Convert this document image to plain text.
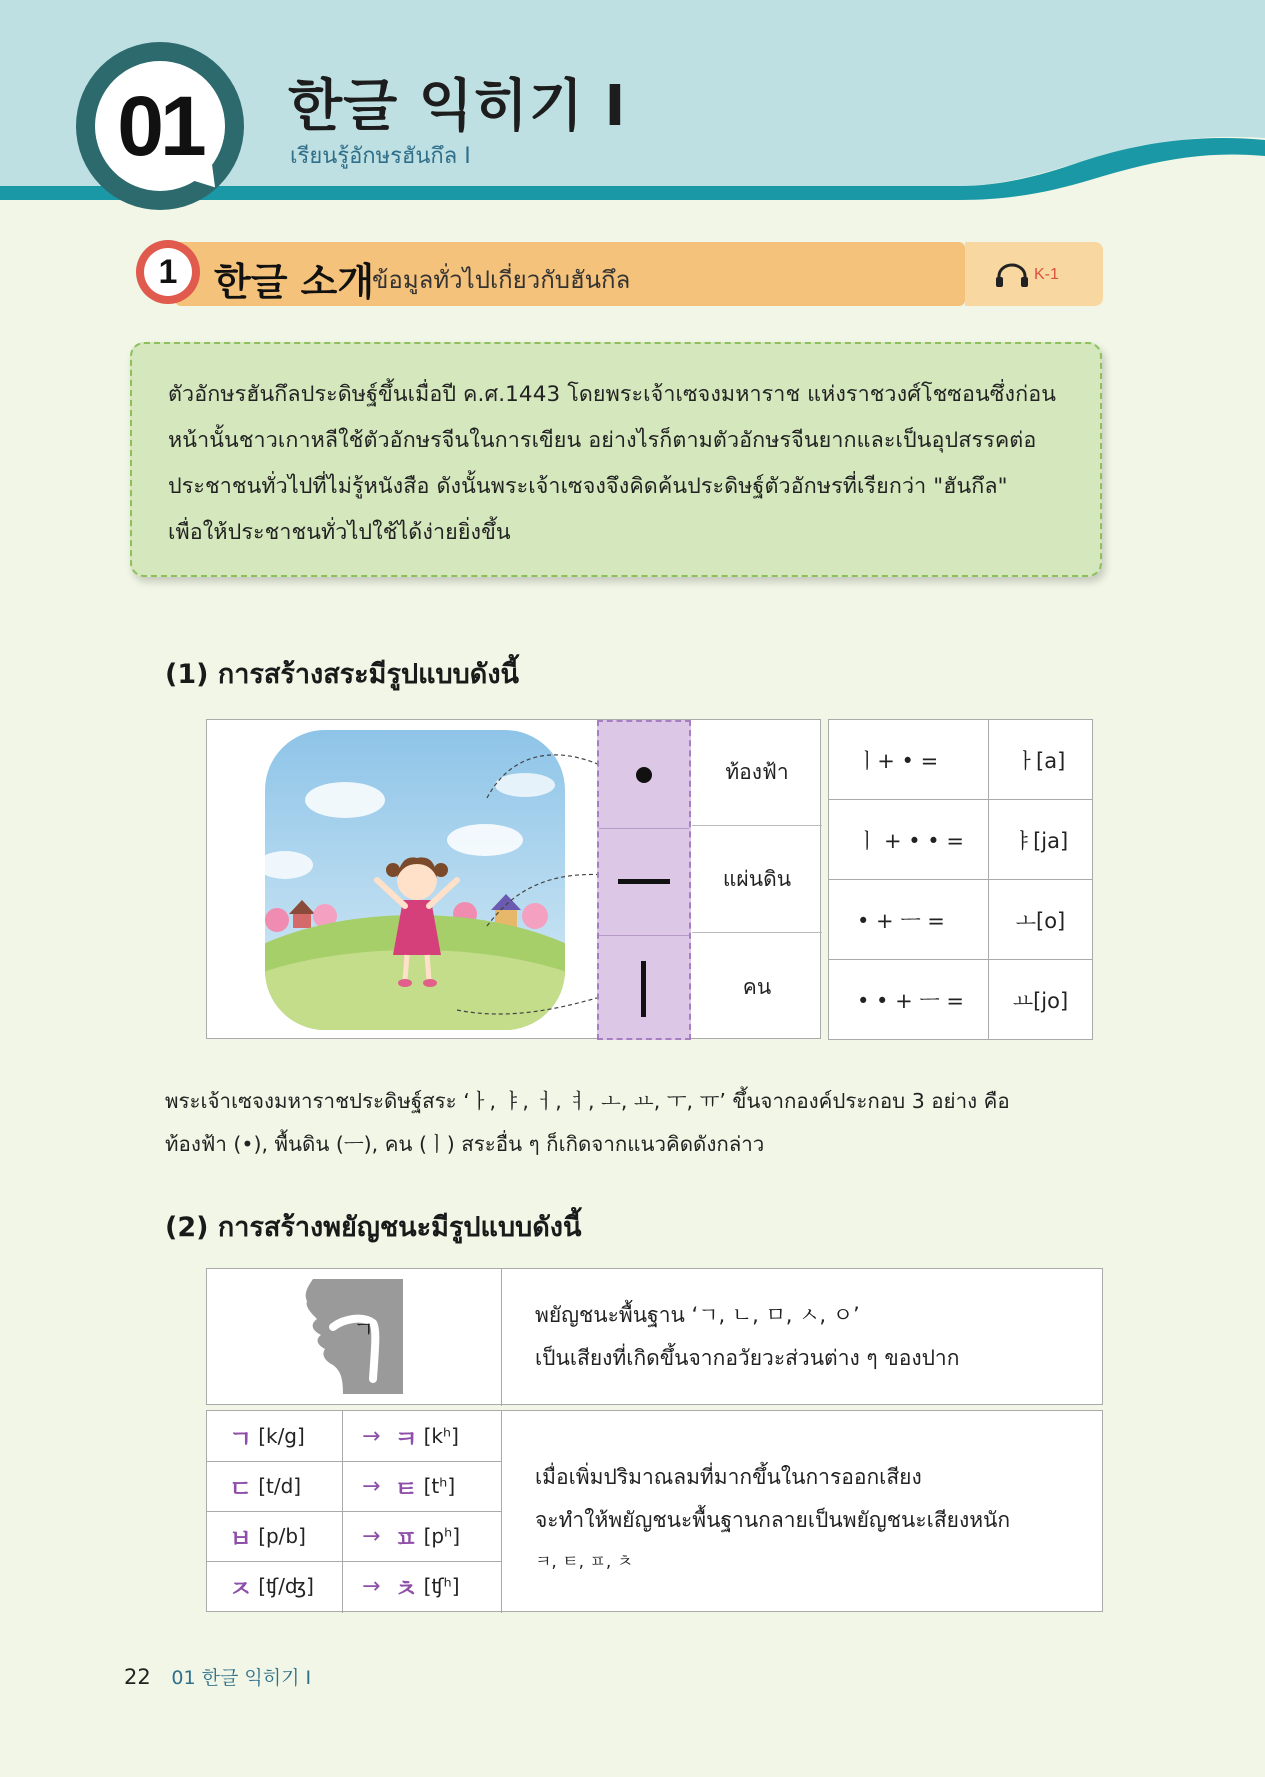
01	한글 익히기 I
เรียนรู้อักษรฮันกึล I
1 한글 소개
ข้อมูลทั่วไปเกี่ยวกับฮันกึล	K-1

ตัวอักษรฮันกึลประดิษฐ์ขึ้นเมื่อปี ค.ศ.1443 โดยพระเจ้าเซจงมหาราช แห่งราชวงศ์โชซอนซึ่งก่อน

หน้านั้นชาวเกาหลีใช้ตัวอักษรจีนในการเขียน อย่างไรก็ตามตัวอักษรจีนยากและเป็นอุปสรรคต่อ

ประชาชนทั่วไปที่ไม่รู้หนังสือ ดังนั้นพระเจ้าเซจงจึงคิดค้นประดิษฐ์ตัวอักษรที่เรียกว่า "ฮันกึล"

เพื่อให้ประชาชนทั่วไปใช้ได้ง่ายยิ่งขึ้น

(1) การสร้างสระมีรูปแบบดังนี้
ท้องฟ้า
แผ่นดิน
คน
ㅣ+ • =	ㅏ[a]
ㅣ + • • =	ㅑ[ja]
• + ㅡ =	ㅗ[o]
• • + ㅡ =	ㅛ[jo]
พระเจ้าเซจงมหาราชประดิษฐ์สระ ‘ㅏ, ㅑ, ㅓ, ㅕ, ㅗ, ㅛ, ㅜ, ㅠ’ ขึ้นจากองค์ประกอบ 3 อย่าง คือ
ท้องฟ้า (•), พื้นดิน (ㅡ), คน (ㅣ) สระอื่น ๆ ก็เกิดจากแนวคิดดังกล่าว
(2) การสร้างพยัญชนะมีรูปแบบดังนี้
ㄱ
พยัญชนะพื้นฐาน ‘ㄱ, ㄴ, ㅁ, ㅅ, ㅇ’
เป็นเสียงที่เกิดขึ้นจากอวัยวะส่วนต่าง ๆ ของปาก
ㄱ [k/g]	→ ㅋ [kʰ]
ㄷ [t/d]	→ ㅌ [tʰ]
ㅂ [p/b]	→ ㅍ [pʰ]
ㅈ [ʧ/ʤ] → ㅊ [ʧʰ]
เมื่อเพิ่มปริมาณลมที่มากขึ้นในการออกเสียง
จะทำให้พยัญชนะพื้นฐานกลายเป็นพยัญชนะเสียงหนัก
ㅋ, ㅌ, ㅍ, ㅊ
22 01 한글 익히기 I
